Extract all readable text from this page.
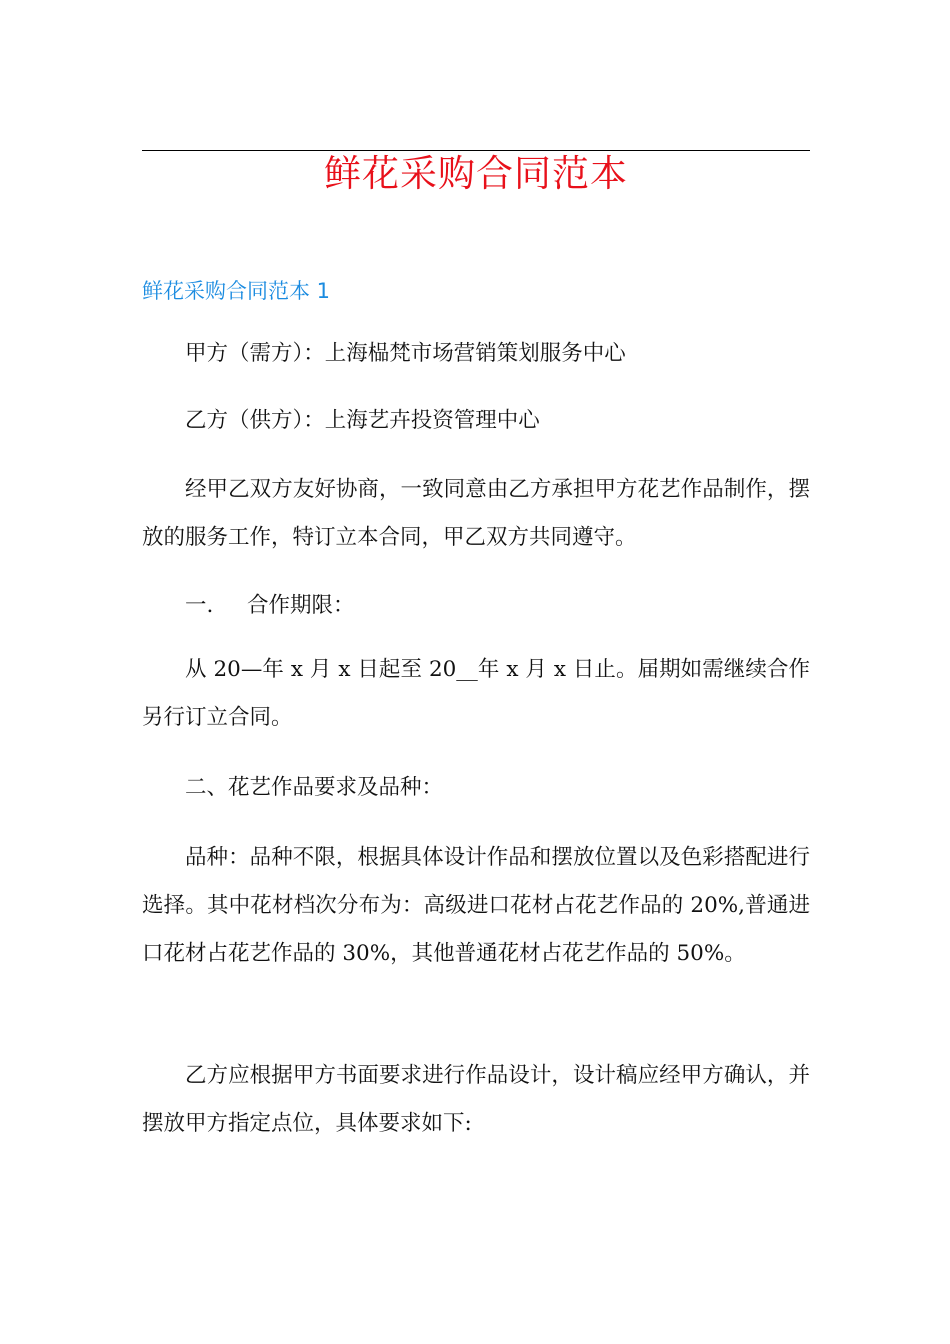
鲜花采购合同范本
鲜花采购合同范本 1

甲方（需方）：上海榀梵市场营销策划服务中心

乙方（供方）：上海艺卉投资管理中心

经甲乙双方友好协商，一致同意由乙方承担甲方花艺作品制作，摆放的服务工作，特订立本合同，甲乙双方共同遵守。

一. 合作期限：

从 20—年 x 月 x 日起至 20__年 x 月 x 日止。届期如需继续合作另行订立合同。

二、花艺作品要求及品种：

品种：品种不限，根据具体设计作品和摆放位置以及色彩搭配进行选择。其中花材档次分布为：高级进口花材占花艺作品的 20%,普通进口花材占花艺作品的 30%，其他普通花材占花艺作品的 50%。

乙方应根据甲方书面要求进行作品设计，设计稿应经甲方确认，并摆放甲方指定点位，具体要求如下:
